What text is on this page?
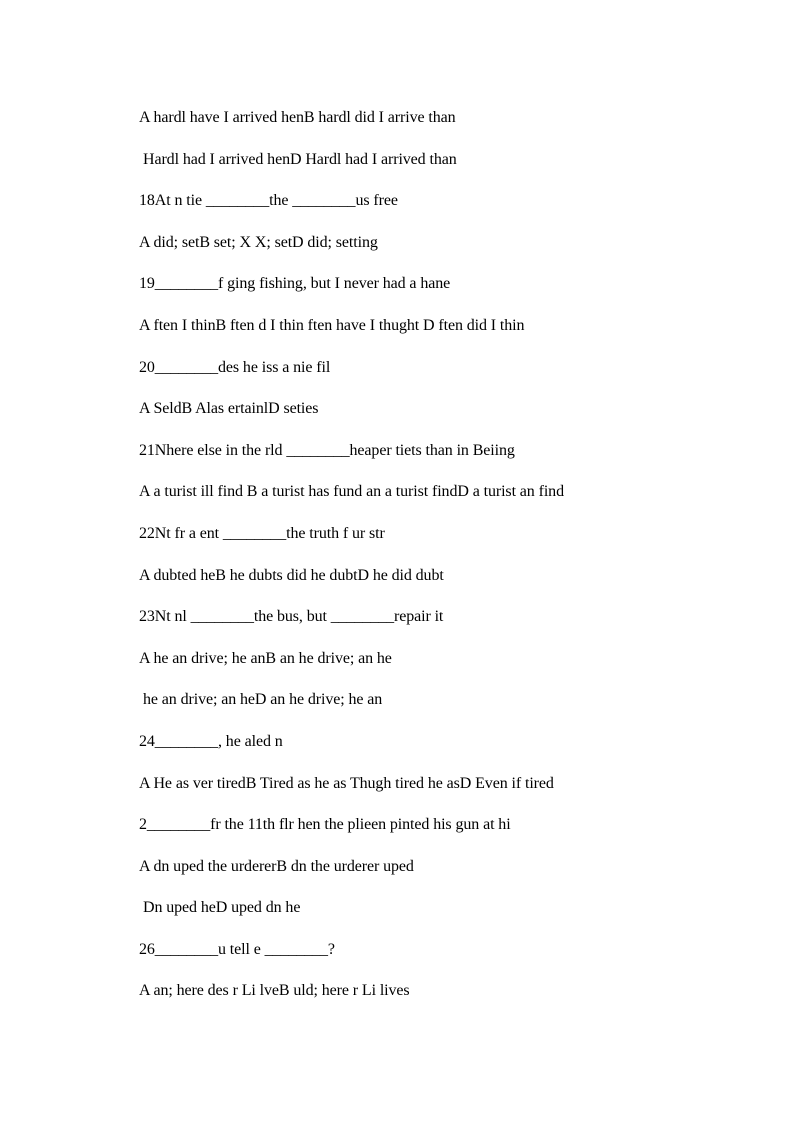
A hardl have I arrived henB hardl did I arrive than
Hardl had I arrived henD Hardl had I arrived than
18At n tie ________the ________us free
A did; setB set; X X; setD did; setting
19________f ging fishing, but I never had a hane
A ften I thinB ften d I thin ften have I thught D ften did I thin
20________des he iss a nie fil
A SeldB Alas ertainlD seties
21Nhere else in the rld ________heaper tiets than in Beiing
A a turist ill find B a turist has fund an a turist findD a turist an find
22Nt fr a ent ________the truth f ur str
A dubted heB he dubts did he dubtD he did dubt
23Nt nl ________the bus, but ________repair it
A he an drive; he anB an he drive; an he
he an drive; an heD an he drive; he an
24________, he aled n
A He as ver tiredB Tired as he as Thugh tired he asD Even if tired
2________fr the 11th flr hen the plieen pinted his gun at hi
A dn uped the urdererB dn the urderer uped
Dn uped heD uped dn he
26________u tell e ________?
A an; here des r Li lveB uld; here r Li lives
